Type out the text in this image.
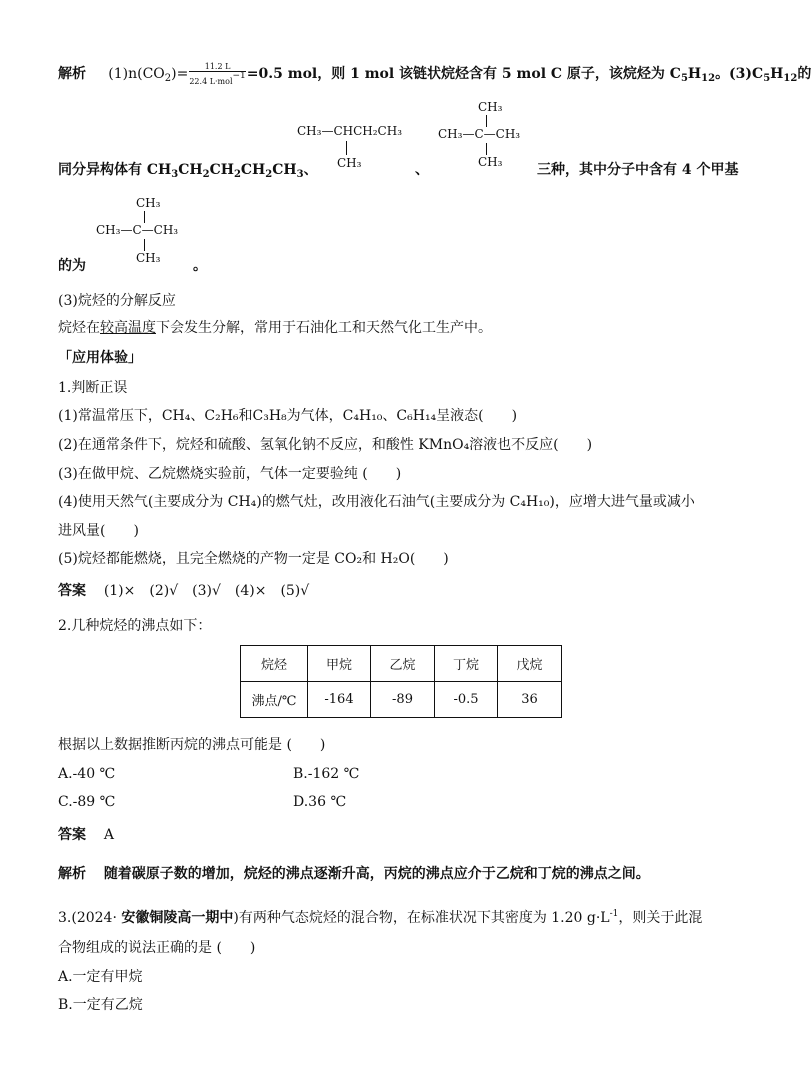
解析 $(1)n(CO_2)= \frac{11.2 L}{\text{22.4 L·mol−1}} =0.5$ mol，则 1 mol 该链状烷烃含有 5 mol C 原子，该烷烃为 $C_5H_{12}$。$(3)C_5H_{12}$的
CH₃—CHCH₂CH₃
CH₃
CH₃
CH₃—C—CH₃
CH₃
同分异构体有 $CH_3CH_2CH_2CH_2CH_3$、	、	三种，其中分子中含有 4 个甲基
CH₃
CH₃—C—CH₃
CH₃
的为	。
(3)烷烃的分解反应
烷烃在较高温度下会发生分解，常用于石油化工和天然气化工生产中。
「应用体验」
1.判断正误
(1)常温常压下，CH₄、C₂H₆和C₃H₈为气体，C₄H₁₀、C₆H₁₄呈液态(　　)
(2)在通常条件下，烷烃和硫酸、氢氧化钠不反应，和酸性 KMnO₄溶液也不反应(　　)
(3)在做甲烷、乙烷燃烧实验前，气体一定要验纯 (　　)
(4)使用天然气(主要成分为 CH₄)的燃气灶，改用液化石油气(主要成分为 C₄H₁₀)，应增大进气量或减小
进风量(　　)
(5)烷烃都能燃烧，且完全燃烧的产物一定是 CO₂和 H₂O(　　)
答案 (1)×　(2)√　(3)√　(4)×　(5)√
2.几种烷烃的沸点如下：
烷烃	甲烷	乙烷	丁烷	戊烷
沸点/℃	-164	-89	-0.5	36
根据以上数据推断丙烷的沸点可能是 (　　)
A.-40 ℃	B.-162 ℃
C.-89 ℃	D.36 ℃
答案 A
解析 随着碳原子数的增加，烷烃的沸点逐渐升高，丙烷的沸点应介于乙烷和丁烷的沸点之间。
3.(2024· 安徽铜陵高一期中)有两种气态烷烃的混合物，在标准状况下其密度为 1.20 $g\cdot L^{-1}$，则关于此混
合物组成的说法正确的是 (　　)
A.一定有甲烷
B.一定有乙烷
